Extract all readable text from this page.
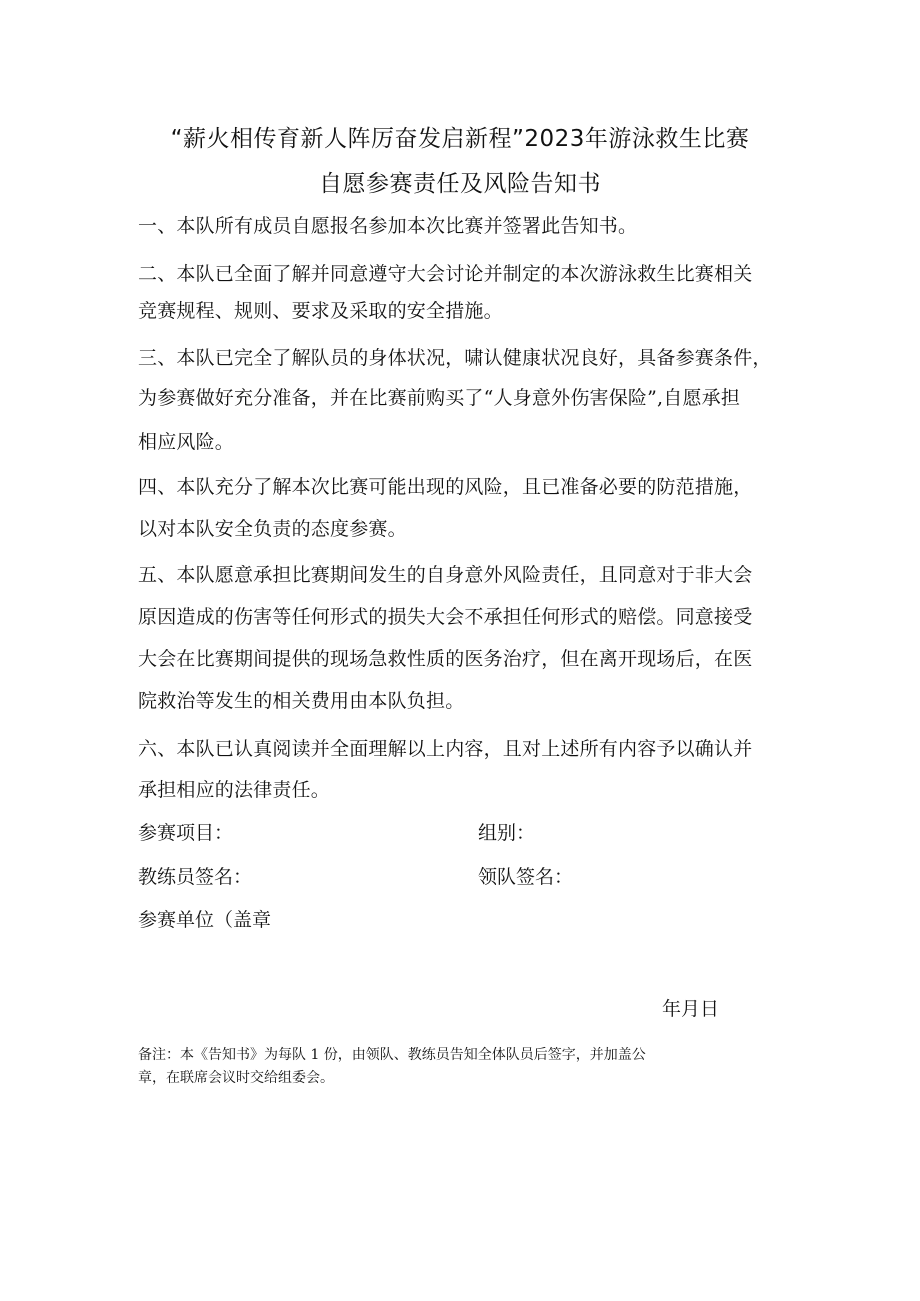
“薪火相传育新人阵厉奋发启新程”2023年游泳救生比赛
自愿参赛责任及风险告知书
一、本队所有成员自愿报名参加本次比赛并签署此告知书。
二、本队已全面了解并同意遵守大会讨论并制定的本次游泳救生比赛相关
竞赛规程、规则、要求及采取的安全措施。
三、本队已完全了解队员的身体状况，啸认健康状况良好，具备参赛条件，
为参赛做好充分准备，并在比赛前购买了“人身意外伤害保险”,自愿承担
相应风险。
四、本队充分了解本次比赛可能出现的风险，且已准备必要的防范措施，
以对本队安全负责的态度参赛。
五、本队愿意承担比赛期间发生的自身意外风险责任，且同意对于非大会
原因造成的伤害等任何形式的损失大会不承担任何形式的赔偿。同意接受
大会在比赛期间提供的现场急救性质的医务治疗，但在离开现场后，在医
院救治等发生的相关费用由本队负担。
六、本队已认真阅读并全面理解以上内容，且对上述所有内容予以确认并
承担相应的法律责任。
参赛项目：	组别：
教练员签名：	领队签名：
参赛单位（盖章
年月日
备注：本《告知书》为每队 1 份，由领队、教练员告知全体队员后签字，并加盖公
章，在联席会议时交给组委会。
